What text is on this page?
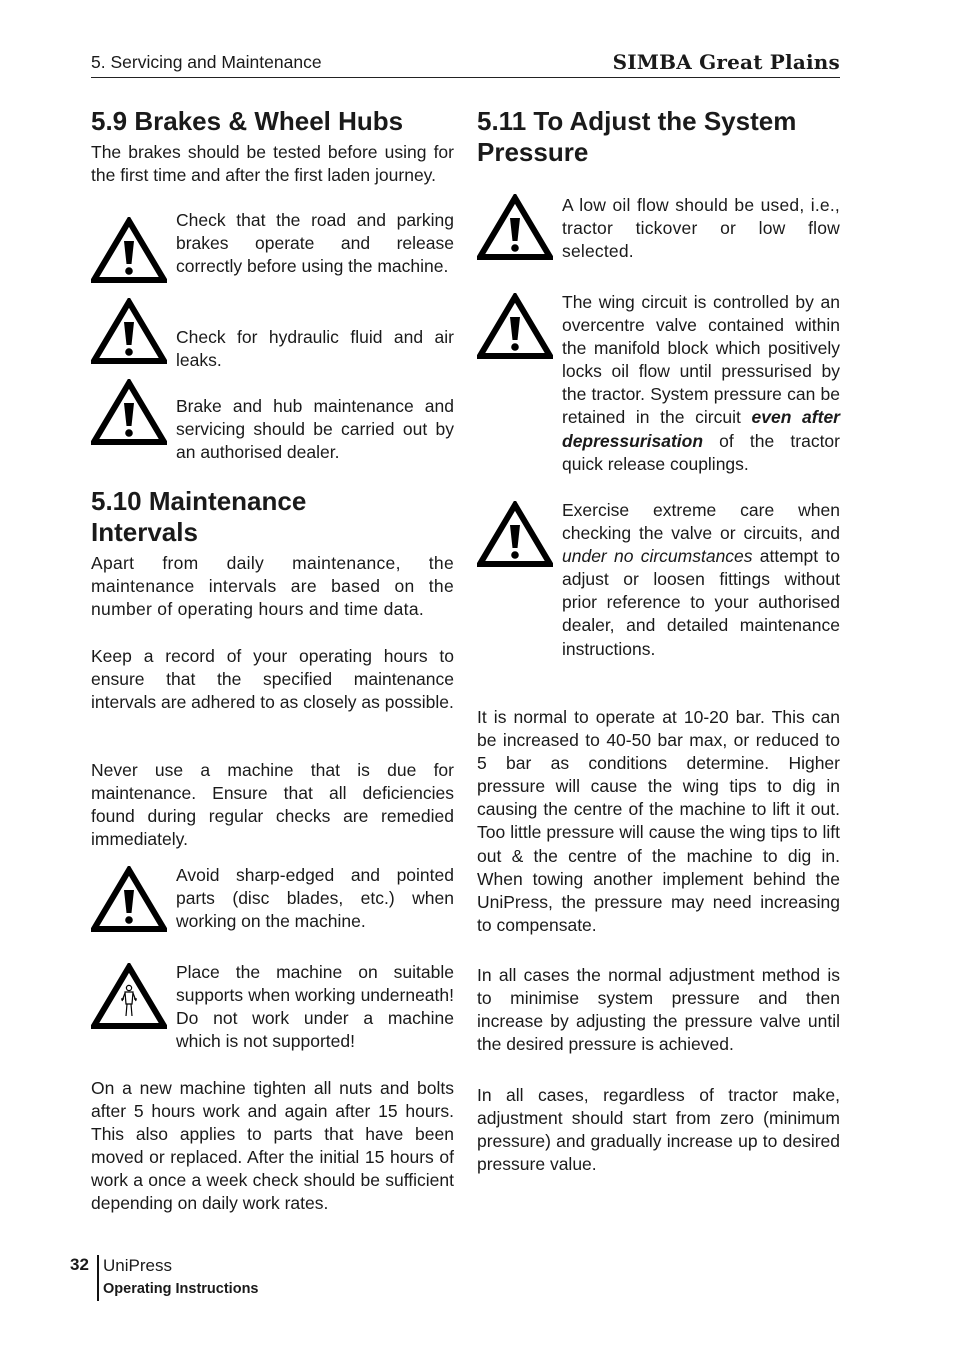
5. Servicing and Maintenance	SIMBA Great Plains
5.9 Brakes & Wheel Hubs

The brakes should be tested before using for the first time and after the first laden journey.

Check that the road and parking brakes operate and release correctly before using the machine.

Check for hydraulic fluid and air leaks.

Brake and hub maintenance and servicing should be carried out by an authorised dealer.

5.10 Maintenance
Intervals

Apart from daily maintenance, the maintenance intervals are based on the number of operating hours and time data.

Keep a record of your operating hours to ensure that the specified maintenance intervals are adhered to as closely as possible.

Never use a machine that is due for maintenance. Ensure that all deficiencies found during regular checks are remedied immediately.

Avoid sharp-edged and pointed parts (disc blades, etc.) when working on the machine.

Place the machine on suitable supports when working underneath! Do not work under a machine which is not supported!

On a new machine tighten all nuts and bolts after 5 hours work and again after 15 hours. This also applies to parts that have been moved or replaced. After the initial 15 hours of work a once a week check should be sufficient depending on daily work rates.

5.11 To Adjust the System
Pressure

A low oil flow should be used, i.e., tractor tickover or low flow selected.

The wing circuit is controlled by an overcentre valve contained within the manifold block which positively locks oil flow until pressurised by the tractor. System pressure can be retained in the circuit even after depressurisation of the tractor quick release couplings.

Exercise extreme care when checking the valve or circuits, and under no circumstances attempt to adjust or loosen fittings without prior reference to your authorised dealer, and detailed maintenance instructions.

It is normal to operate at 10-20 bar. This can be increased to 40-50 bar max, or reduced to 5 bar as conditions determine. Higher pressure will cause the wing tips to dig in causing the centre of the machine to lift it out. Too little pressure will cause the wing tips to lift out & the centre of the machine to dig in. When towing another implement behind the UniPress, the pressure may need increasing to compensate.

In all cases the normal adjustment method is to minimise system pressure and then increase by adjusting the pressure valve until the desired pressure is achieved.

In all cases, regardless of tractor make, adjustment should start from zero (minimum pressure) and gradually increase up to desired pressure value.

32 UniPress
Operating Instructions
